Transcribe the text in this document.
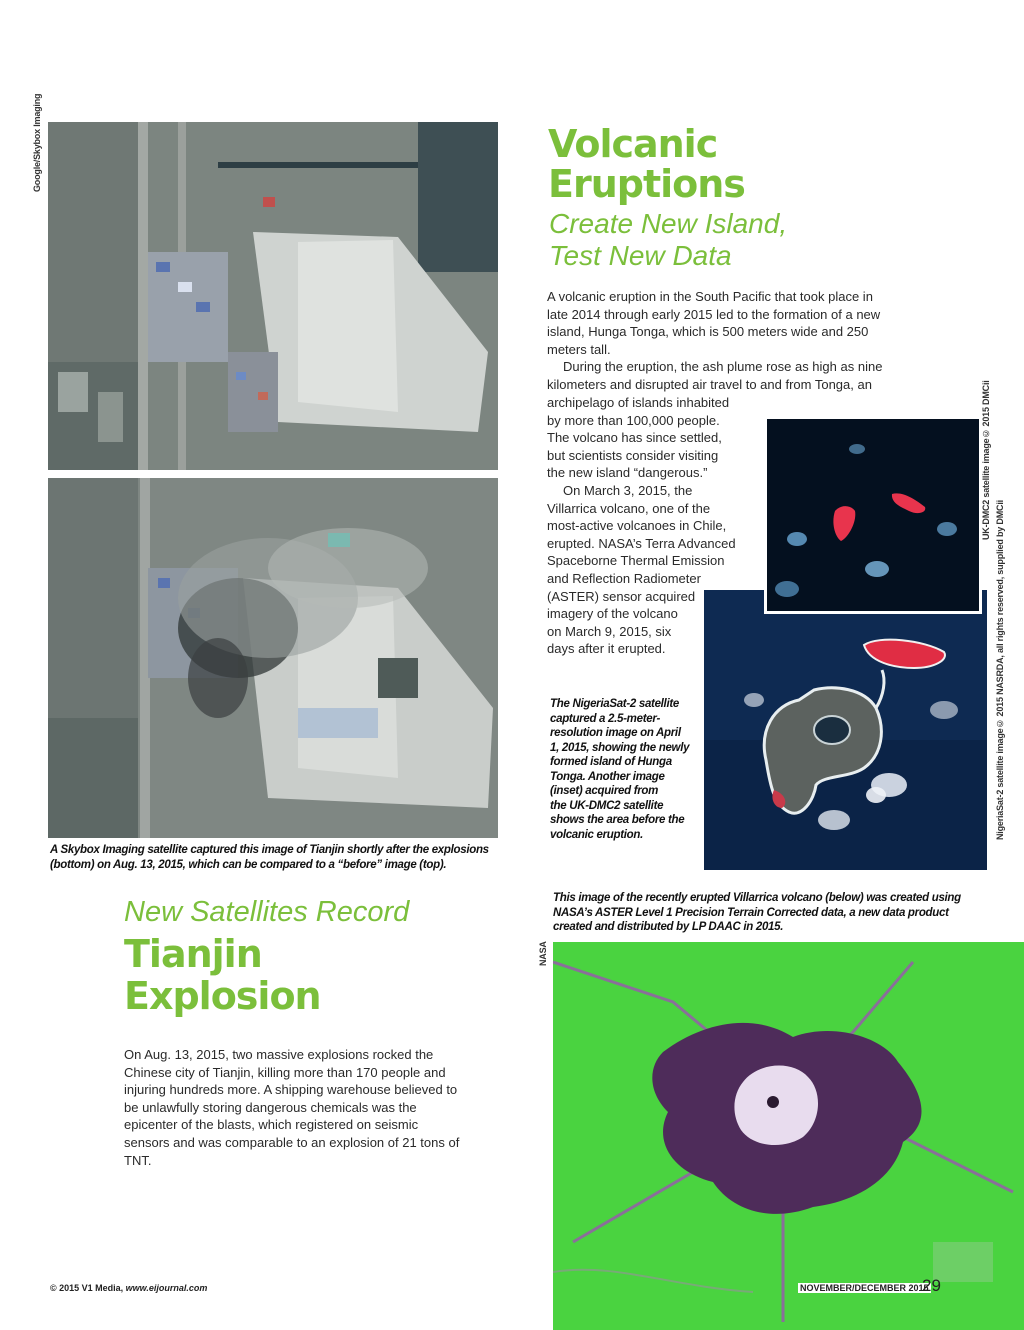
Google/Skybox Imaging
A Skybox Imaging satellite captured this image of Tianjin shortly after the explosions (bottom) on Aug. 13, 2015, which can be compared to a “before” image (top).
Volcanic
Eruptions
Create New Island,
Test New Data

A volcanic eruption in the South Pacific that took place in late 2014 through early 2015 led to the formation of a new island, Hunga Tonga, which is 500 meters wide and 250 meters tall.

During the eruption, the ash plume rose as high as nine kilometers and disrupted air travel to and from Tonga, an

archipelago of islands inhabited
by more than 100,000 people.
The volcano has since settled,
but scientists consider visiting
the new island “dangerous.”
On March 3, 2015, the
Villarrica volcano, one of the
most-active volcanoes in Chile,
erupted. NASA’s Terra Advanced
Spaceborne Thermal Emission
and Reflection Radiometer
(ASTER) sensor acquired
imagery of the volcano
on March 9, 2015, six
days after it erupted.
UK-DMC2 satellite image© 2015 DMCii
NigeriaSat-2 satellite image© 2015 NASRDA, all rights reserved, supplied by DMCii
The NigeriaSat-2 satellite
captured a 2.5-meter-
resolution image on April
1, 2015, showing the newly
formed island of Hunga
Tonga. Another image
(inset) acquired from
the UK-DMC2 satellite
shows the area before the
volcanic eruption.
This image of the recently erupted Villarrica volcano (below) was created using NASA’s ASTER Level 1 Precision Terrain Corrected data, a new data product created and distributed by LP DAAC in 2015.
NASA
New Satellites Record
Tianjin
Explosion

On Aug. 13, 2015, two massive explosions rocked the Chinese city of Tianjin, killing more than 170 people and injuring hundreds more. A shipping warehouse believed to be unlawfully storing dangerous chemicals was the epicenter of the blasts, which registered on seismic sensors and was comparable to an explosion of 21 tons of TNT.

© 2015 V1 Media, www.eijournal.com	NOVEMBER/DECEMBER 2015
29
